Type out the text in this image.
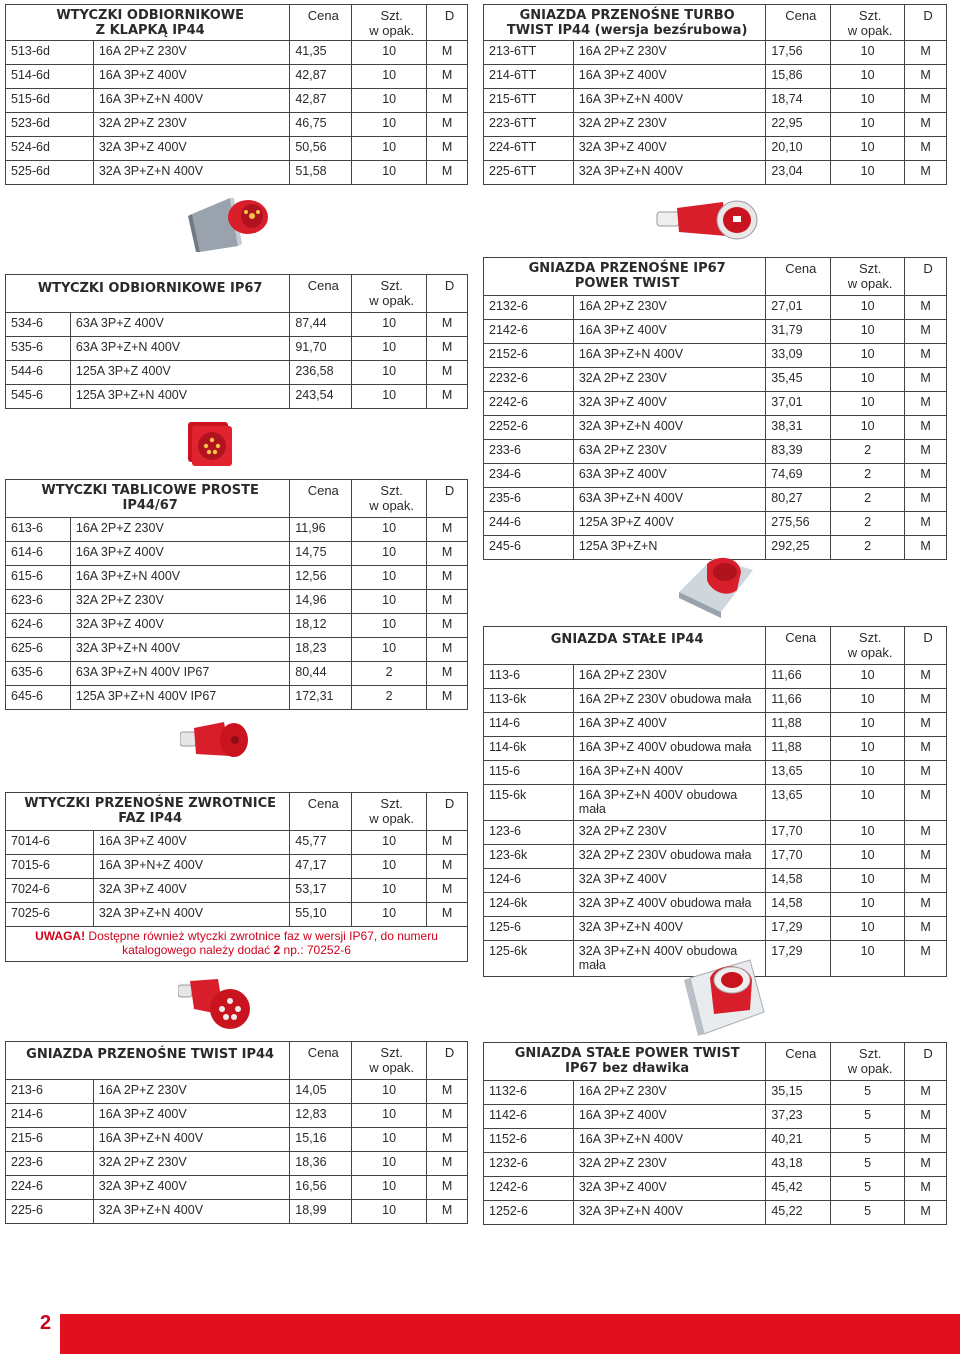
WTYCZKI ODBIORNIKOWE
Z KLAPKĄ IP44		Cena	Szt.
w opak.	D
513-6d	16A 2P+Z 230V	41,35	10	M
514-6d	16A 3P+Z 400V	42,87	10	M
515-6d	16A 3P+Z+N 400V	42,87	10	M
523-6d	32A 2P+Z 230V	46,75	10	M
524-6d	32A 3P+Z 400V	50,56	10	M
525-6d	32A 3P+Z+N 400V	51,58	10	M
GNIAZDA PRZENOŚNE TURBO
TWIST IP44 (wersja bezśrubowa)		Cena	Szt.
w opak.	D
213-6TT	16A 2P+Z 230V	17,56	10	M
214-6TT	16A 3P+Z 400V	15,86	10	M
215-6TT	16A 3P+Z+N 400V	18,74	10	M
223-6TT	32A 2P+Z 230V	22,95	10	M
224-6TT	32A 3P+Z 400V	20,10	10	M
225-6TT	32A 3P+Z+N 400V	23,04	10	M
WTYCZKI ODBIORNIKOWE IP67		Cena	Szt.
w opak.	D
534-6	63A 3P+Z 400V	87,44	10	M
535-6	63A 3P+Z+N 400V	91,70	10	M
544-6	125A 3P+Z 400V	236,58	10	M
545-6	125A 3P+Z+N 400V	243,54	10	M
GNIAZDA PRZENOŚNE IP67
POWER TWIST		Cena	Szt.
w opak.	D
2132-6	16A 2P+Z 230V	27,01	10	M
2142-6	16A 3P+Z 400V	31,79	10	M
2152-6	16A 3P+Z+N 400V	33,09	10	M
2232-6	32A 2P+Z 230V	35,45	10	M
2242-6	32A 3P+Z 400V	37,01	10	M
2252-6	32A 3P+Z+N 400V	38,31	10	M
233-6	63A 2P+Z 230V	83,39	2	M
234-6	63A 3P+Z 400V	74,69	2	M
235-6	63A 3P+Z+N 400V	80,27	2	M
244-6	125A 3P+Z 400V	275,56	2	M
245-6	125A 3P+Z+N	292,25	2	M
WTYCZKI TABLICOWE PROSTE
IP44/67		Cena	Szt.
w opak.	D
613-6	16A 2P+Z 230V	11,96	10	M
614-6	16A 3P+Z 400V	14,75	10	M
615-6	16A 3P+Z+N 400V	12,56	10	M
623-6	32A 2P+Z 230V	14,96	10	M
624-6	32A 3P+Z 400V	18,12	10	M
625-6	32A 3P+Z+N 400V	18,23	10	M
635-6	63A 3P+Z+N 400V IP67	80,44	2	M
645-6	125A 3P+Z+N 400V IP67	172,31	2	M
GNIAZDA STAŁE IP44		Cena	Szt.
w opak.	D
113-6	16A 2P+Z 230V	11,66	10	M
113-6k	16A 2P+Z 230V obudowa mała	11,66	10	M
114-6	16A 3P+Z 400V	11,88	10	M
114-6k	16A 3P+Z 400V obudowa mała	11,88	10	M
115-6	16A 3P+Z+N 400V	13,65	10	M
115-6k	16A 3P+Z+N 400V obudowa mała	13,65	10	M
123-6	32A 2P+Z 230V	17,70	10	M
123-6k	32A 2P+Z 230V obudowa mała	17,70	10	M
124-6	32A 3P+Z 400V	14,58	10	M
124-6k	32A 3P+Z 400V obudowa mała	14,58	10	M
125-6	32A 3P+Z+N 400V	17,29	10	M
125-6k	32A 3P+Z+N 400V obudowa mała	17,29	10	M
WTYCZKI PRZENOŚNE ZWROTNICE
FAZ IP44		Cena	Szt.
w opak.	D
7014-6	16A 3P+Z 400V	45,77	10	M
7015-6	16A 3P+N+Z 400V	47,17	10	M
7024-6	32A 3P+Z 400V	53,17	10	M
7025-6	32A 3P+Z+N 400V	55,10	10	M
UWAGA! Dostępne również wtyczki zwrotnice faz w wersji IP67, do numeru
katalogowego należy dodać 2 np.: 70252-6				
GNIAZDA PRZENOŚNE TWIST IP44		Cena	Szt.
w opak.	D
213-6	16A 2P+Z 230V	14,05	10	M
214-6	16A 3P+Z 400V	12,83	10	M
215-6	16A 3P+Z+N 400V	15,16	10	M
223-6	32A 2P+Z 230V	18,36	10	M
224-6	32A 3P+Z 400V	16,56	10	M
225-6	32A 3P+Z+N 400V	18,99	10	M
GNIAZDA STAŁE POWER TWIST
IP67 bez dławika		Cena	Szt.
w opak.	D
1132-6	16A 2P+Z 230V	35,15	5	M
1142-6	16A 3P+Z 400V	37,23	5	M
1152-6	16A 3P+Z+N 400V	40,21	5	M
1232-6	32A 2P+Z 230V	43,18	5	M
1242-6	32A 3P+Z 400V	45,42	5	M
1252-6	32A 3P+Z+N 400V	45,22	5	M
2
